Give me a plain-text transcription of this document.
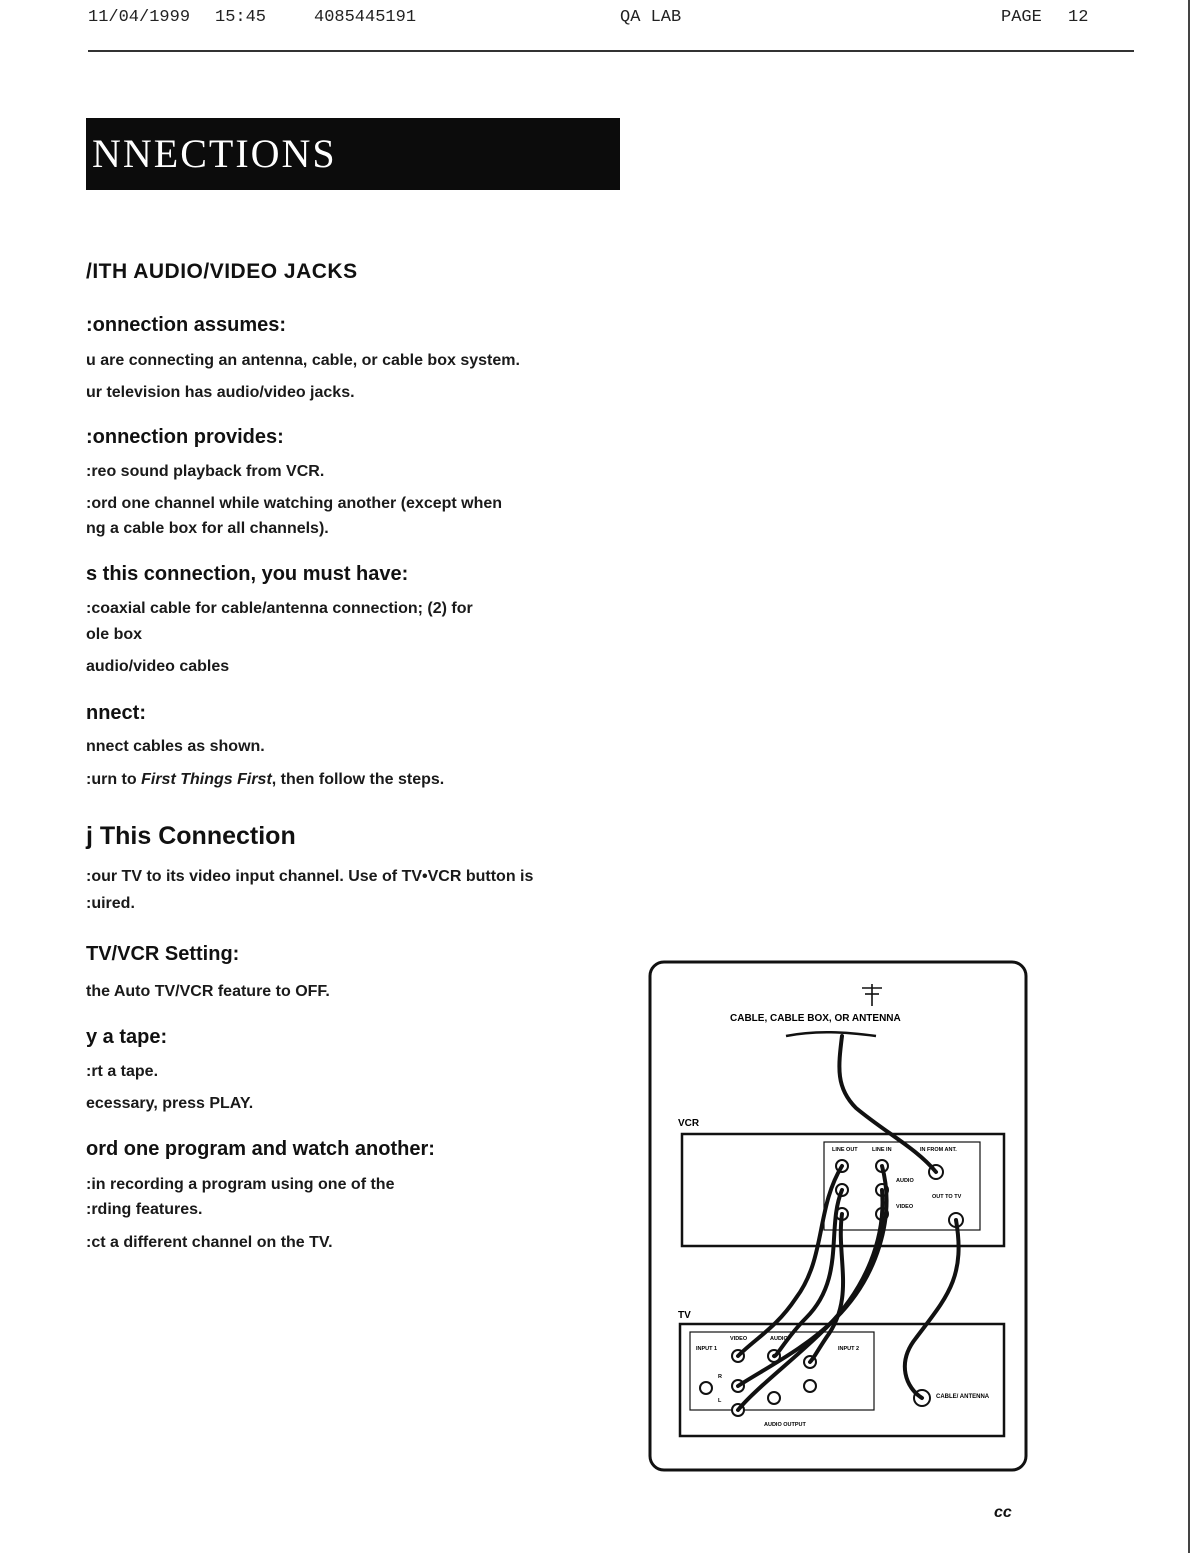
11/04/1999 15:45	4085445191	QA LAB	PAGE 12
NNECTIONS
/ITH AUDIO/VIDEO JACKS
:onnection assumes:
u are connecting an antenna, cable, or cable box system.
ur television has audio/video jacks.
:onnection provides:
:reo sound playback from VCR.
:ord one channel while watching another (except when
ng a cable box for all channels).
s this connection, you must have:
:coaxial cable for cable/antenna connection; (2) for
ole box
audio/video cables
nnect:
nnect cables as shown.
:urn to First Things First, then follow the steps.
j This Connection
:our TV to its video input channel. Use of TV•VCR button is
:uired.
TV/VCR Setting:
the Auto TV/VCR feature to OFF.
y a tape:
:rt a tape.
ecessary, press PLAY.
ord one program and watch another:
:in recording a program using one of the
:rding features.
:ct a different channel on the TV.
CABLE, CABLE BOX, OR ANTENNA
VCR
LINE OUT	LINE IN	IN FROM ANT.
AUDIO
VIDEO
OUT TO TV
TV
INPUT 1
VIDEO
INPUT 2
AUDIO
AUDIO OUTPUT
CABLE/ ANTENNA
R
L
cc
